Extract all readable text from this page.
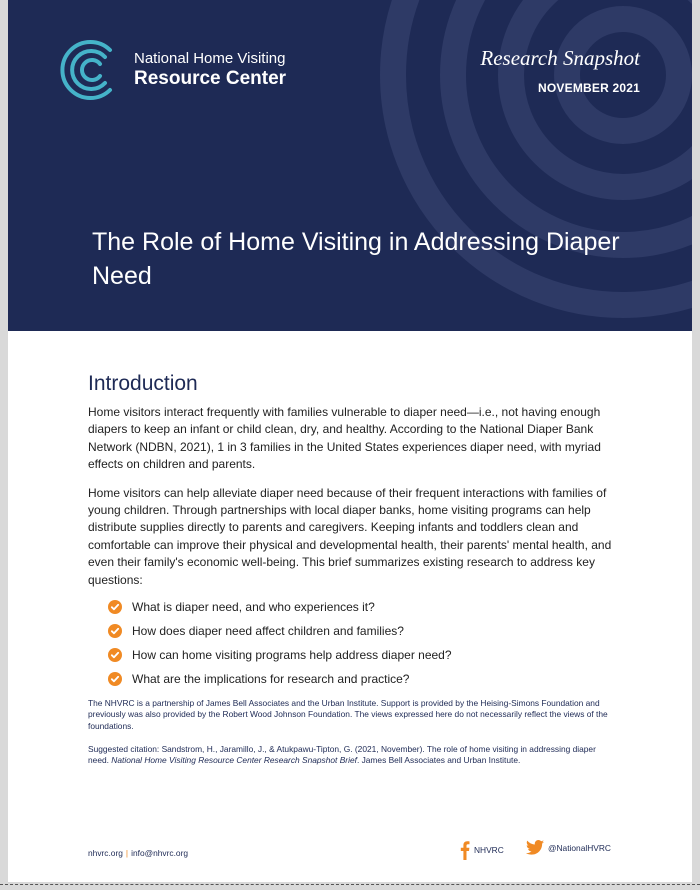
National Home Visiting
Resource Center
Research Snapshot
NOVEMBER 2021
The Role of Home Visiting in Addressing Diaper Need
Introduction

Home visitors interact frequently with families vulnerable to diaper need—i.e., not having enough diapers to keep an infant or child clean, dry, and healthy. According to the National Diaper Bank Network (NDBN, 2021), 1 in 3 families in the United States experiences diaper need, with myriad effects on children and parents.

Home visitors can help alleviate diaper need because of their frequent interactions with families of young children. Through partnerships with local diaper banks, home visiting programs can help distribute supplies directly to parents and caregivers. Keeping infants and toddlers clean and comfortable can improve their physical and developmental health, their parents' mental health, and even their family's economic well-being. This brief summarizes existing research to address key questions:

What is diaper need, and who experiences it?
How does diaper need affect children and families?
How can home visiting programs help address diaper need?
What are the implications for research and practice?

The NHVRC is a partnership of James Bell Associates and the Urban Institute. Support is provided by the Heising-Simons Foundation and previously was also provided by the Robert Wood Johnson Foundation. The views expressed here do not necessarily reflect the views of the foundations.

Suggested citation: Sandstrom, H., Jaramillo, J., & Atukpawu-Tipton, G. (2021, November). The role of home visiting in addressing diaper need. National Home Visiting Resource Center Research Snapshot Brief. James Bell Associates and Urban Institute.

nhvrc.org | info@nhvrc.org	NHVRC	@NationalHVRC
